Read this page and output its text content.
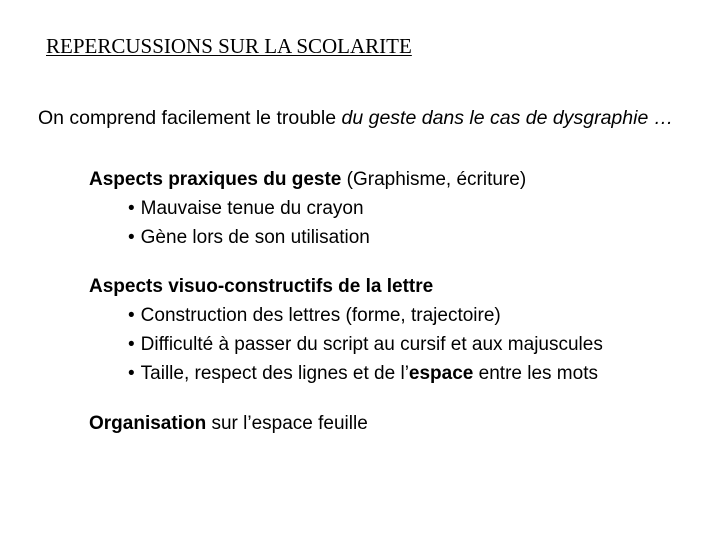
REPERCUSSIONS SUR LA SCOLARITE

On comprend facilement le trouble du geste dans le cas de dysgraphie …

Aspects praxiques du geste (Graphisme, écriture)

• Mauvaise tenue du crayon
• Gène lors de son utilisation

Aspects visuo-constructifs de la lettre

• Construction des lettres (forme, trajectoire)
• Difficulté à passer du script au cursif et aux majuscules
• Taille, respect des lignes et de l’espace entre les mots

Organisation sur l’espace feuille
